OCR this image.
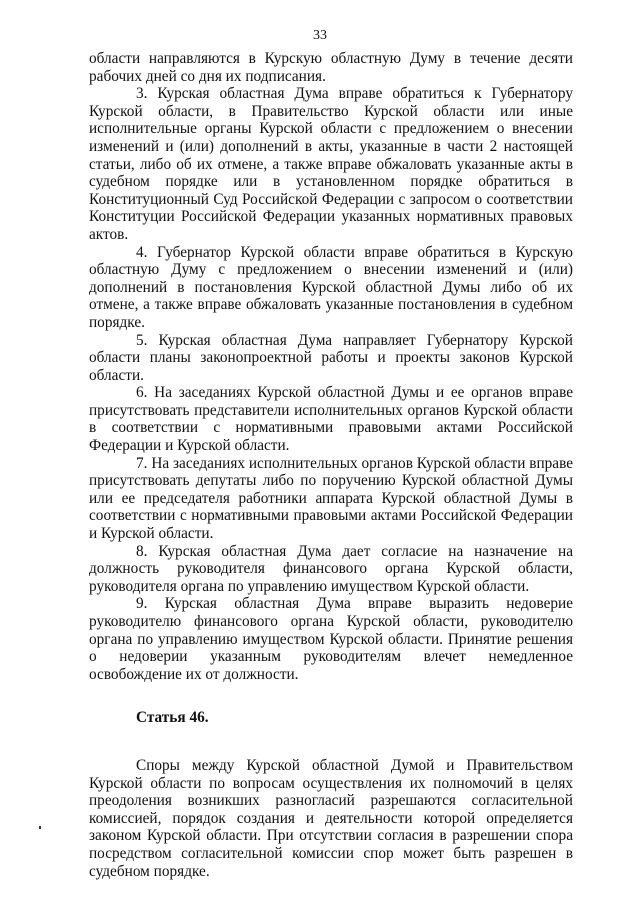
33

области направляются в Курскую областную Думу в течение десяти рабочих дней со дня их подписания.

3. Курская областная Дума вправе обратиться к Губернатору Курской области, в Правительство Курской области или иные исполнительные органы Курской области с предложением о внесении изменений и (или) дополнений в акты, указанные в части 2 настоящей статьи, либо об их отмене, а также вправе обжаловать указанные акты в судебном порядке или в установленном порядке обратиться в Конституционный Суд Российской Федерации с запросом о соответствии Конституции Российской Федерации указанных нормативных правовых актов.

4. Губернатор Курской области вправе обратиться в Курскую областную Думу с предложением о внесении изменений и (или) дополнений в постановления Курской областной Думы либо об их отмене, а также вправе обжаловать указанные постановления в судебном порядке.

5. Курская областная Дума направляет Губернатору Курской области планы законопроектной работы и проекты законов Курской области.

6. На заседаниях Курской областной Думы и ее органов вправе присутствовать представители исполнительных органов Курской области в соответствии с нормативными правовыми актами Российской Федерации и Курской области.

7. На заседаниях исполнительных органов Курской области вправе присутствовать депутаты либо по поручению Курской областной Думы или ее председателя работники аппарата Курской областной Думы в соответствии с нормативными правовыми актами Российской Федерации и Курской области.

8. Курская областная Дума дает согласие на назначение на должность руководителя финансового органа Курской области, руководителя органа по управлению имуществом Курской области.

9. Курская областная Дума вправе выразить недоверие руководителю финансового органа Курской области, руководителю органа по управлению имуществом Курской области. Принятие решения о недоверии указанным руководителям влечет немедленное освобождение их от должности.

Статья 46.

Споры между Курской областной Думой и Правительством Курской области по вопросам осуществления их полномочий в целях преодоления возникших разногласий разрешаются согласительной комиссией, порядок создания и деятельности которой определяется законом Курской области. При отсутствии согласия в разрешении спора посредством согласительной комиссии спор может быть разрешен в судебном порядке.
